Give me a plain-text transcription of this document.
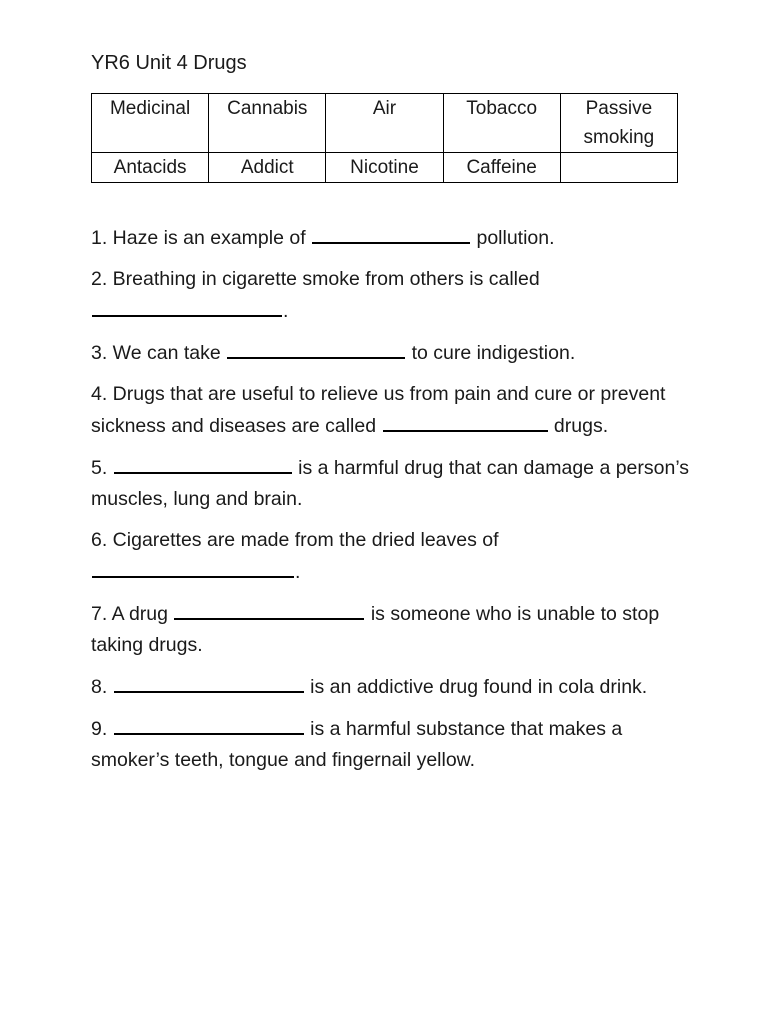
YR6 Unit 4 Drugs
Medicinal	Cannabis	Air	Tobacco	Passive smoking
Antacids	Addict	Nicotine	Caffeine	

1. Haze is an example of	pollution.

2. Breathing in cigarette smoke from others is called
.

3. We can take	to cure indigestion.

4. Drugs that are useful to relieve us from pain and cure or prevent sickness and diseases are called	drugs.

5.	is a harmful drug that can damage a person’s muscles, lung and brain.

6. Cigarettes are made from the dried leaves of
.

7. A drug	is someone who is unable to stop taking drugs.

8.	is an addictive drug found in cola drink.

9.	is a harmful substance that makes a smoker’s teeth, tongue and fingernail yellow.
